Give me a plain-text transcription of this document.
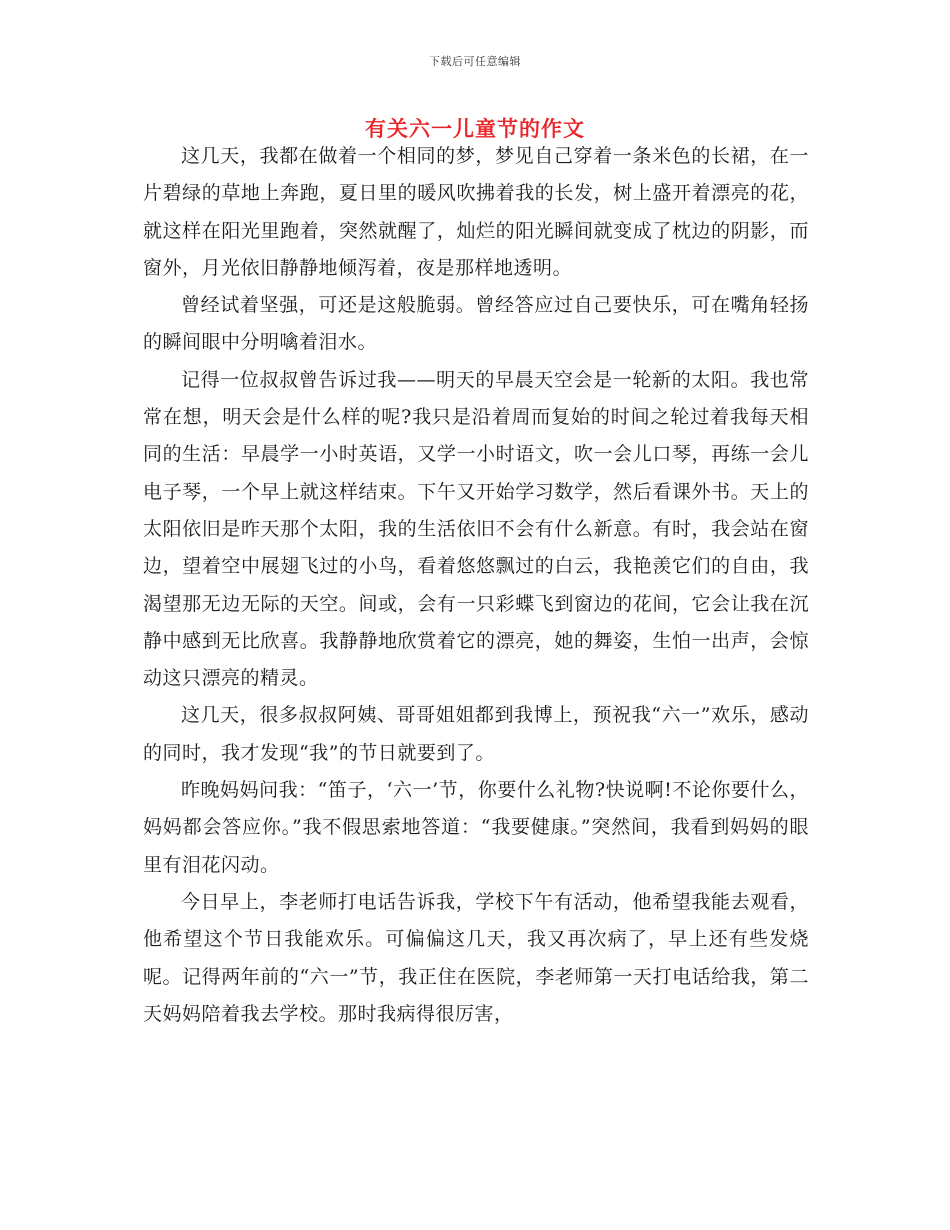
下载后可任意编辑
有关六一儿童节的作文

这几天，我都在做着一个相同的梦，梦见自己穿着一条米色的长裙，在一片碧绿的草地上奔跑，夏日里的暖风吹拂着我的长发，树上盛开着漂亮的花，就这样在阳光里跑着，突然就醒了，灿烂的阳光瞬间就变成了枕边的阴影，而窗外，月光依旧静静地倾泻着，夜是那样地透明。

曾经试着坚强，可还是这般脆弱。曾经答应过自己要快乐，可在嘴角轻扬的瞬间眼中分明噙着泪水。

记得一位叔叔曾告诉过我——明天的早晨天空会是一轮新的太阳。我也常常在想，明天会是什么样的呢?我只是沿着周而复始的时间之轮过着我每天相同的生活：早晨学一小时英语，又学一小时语文，吹一会儿口琴，再练一会儿电子琴，一个早上就这样结束。下午又开始学习数学，然后看课外书。天上的太阳依旧是昨天那个太阳，我的生活依旧不会有什么新意。有时，我会站在窗边，望着空中展翅飞过的小鸟，看着悠悠飘过的白云，我艳羡它们的自由，我渴望那无边无际的天空。间或，会有一只彩蝶飞到窗边的花间，它会让我在沉静中感到无比欣喜。我静静地欣赏着它的漂亮，她的舞姿，生怕一出声，会惊动这只漂亮的精灵。

这几天，很多叔叔阿姨、哥哥姐姐都到我博上，预祝我“六一”欢乐，感动的同时，我才发现“我”的节日就要到了。

昨晚妈妈问我：“笛子，‘六一’节，你要什么礼物?快说啊!不论你要什么，妈妈都会答应你。”我不假思索地答道：“我要健康。”突然间，我看到妈妈的眼里有泪花闪动。

今日早上，李老师打电话告诉我，学校下午有活动，他希望我能去观看，他希望这个节日我能欢乐。可偏偏这几天，我又再次病了，早上还有些发烧呢。记得两年前的“六一”节，我正住在医院，李老师第一天打电话给我，第二天妈妈陪着我去学校。那时我病得很厉害，
